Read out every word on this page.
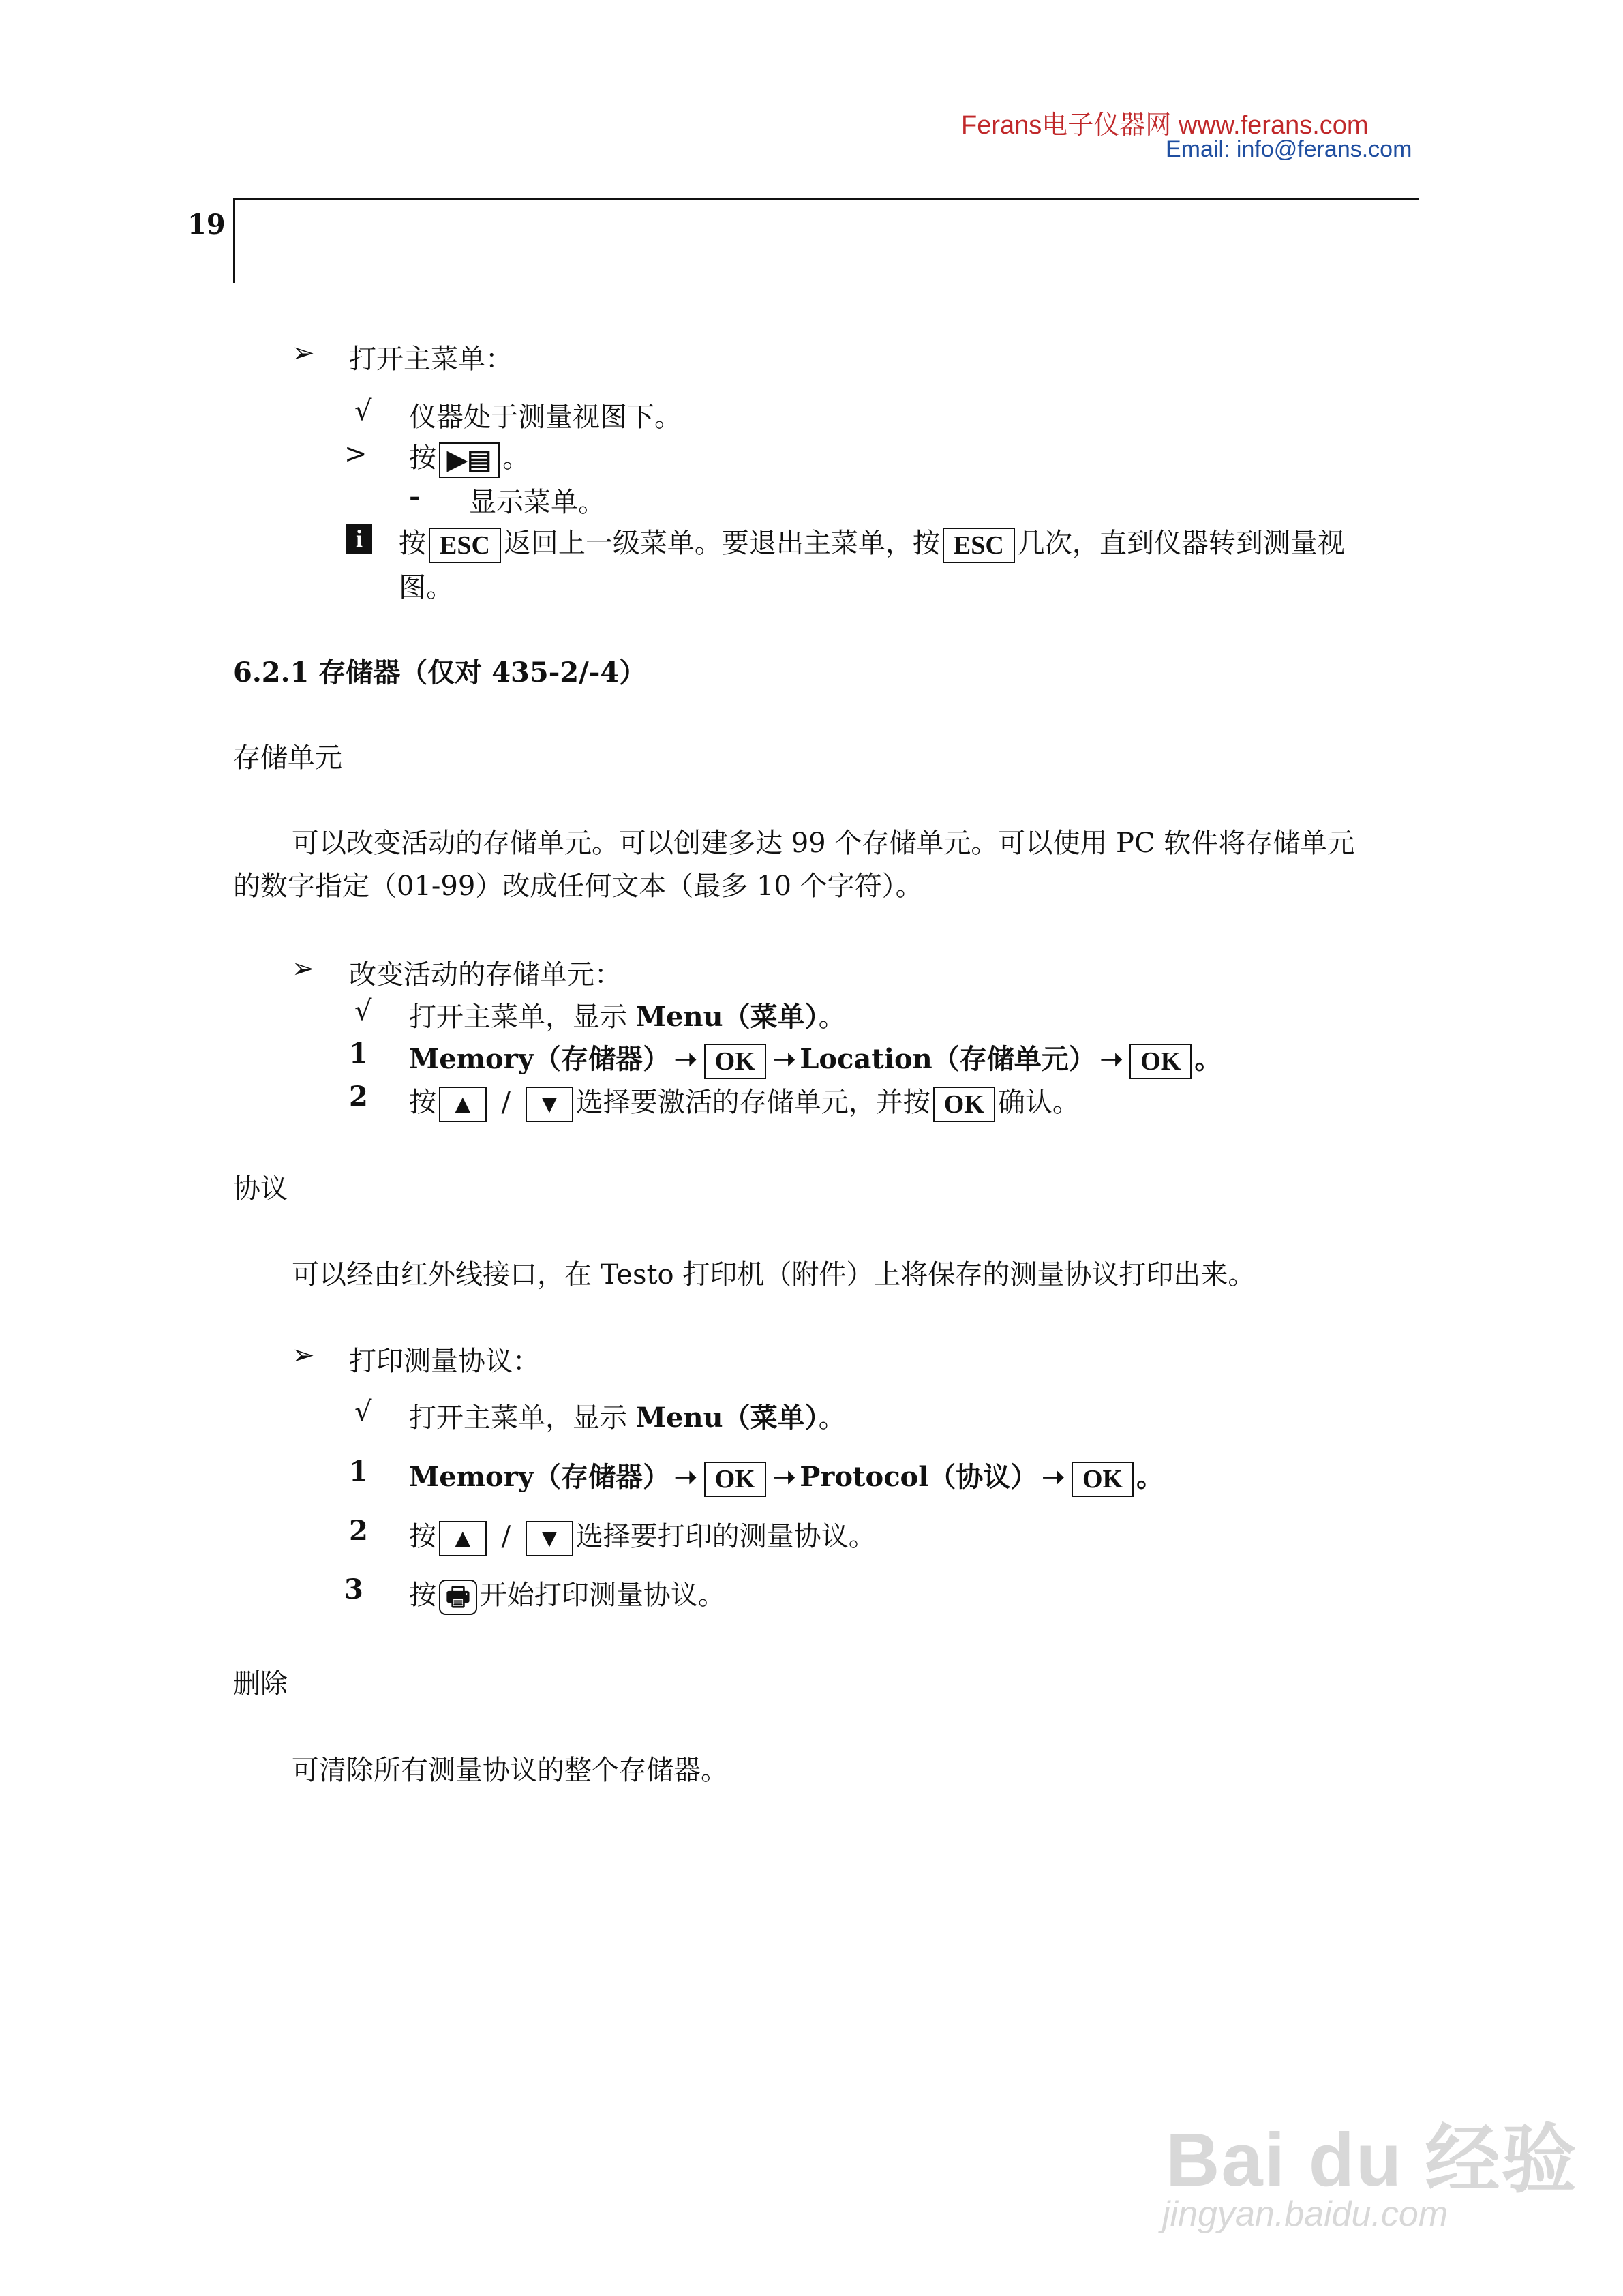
Ferans电子仪器网 www.ferans.com
Email: info@ferans.com
19
➢ 打开主菜单：
√ 仪器处于测量视图下。
> 按 ▶▤ 。
- 显示菜单。
i	按 ESC 返回上一级菜单。要退出主菜单，按 ESC 几次，直到仪器转到测量视
图。
6.2.1 存储器（仅对 435-2/-4）
存储单元
可以改变活动的存储单元。可以创建多达 99 个存储单元。可以使用 PC 软件将存储单元
的数字指定（01-99）改成任何文本（最多 10 个字符）。
➢ 改变活动的存储单元：
√ 打开主菜单，显示 Menu（菜单）。
1 Memory（存储器） ➝ OK ➝ Location（存储单元） ➝ OK 。
2 按 ▲ / ▼ 选择要激活的存储单元，并按 OK 确认。
协议
可以经由红外线接口，在 Testo 打印机（附件）上将保存的测量协议打印出来。
➢ 打印测量协议：
√ 打开主菜单，显示 Menu（菜单）。
1 Memory（存储器） ➝ OK ➝ Protocol（协议） ➝ OK 。
2 按 ▲ / ▼ 选择要打印的测量协议。
3 按 🖶 开始打印测量协议。
删除
可清除所有测量协议的整个存储器。
Bai du 经验
jingyan.baidu.com
